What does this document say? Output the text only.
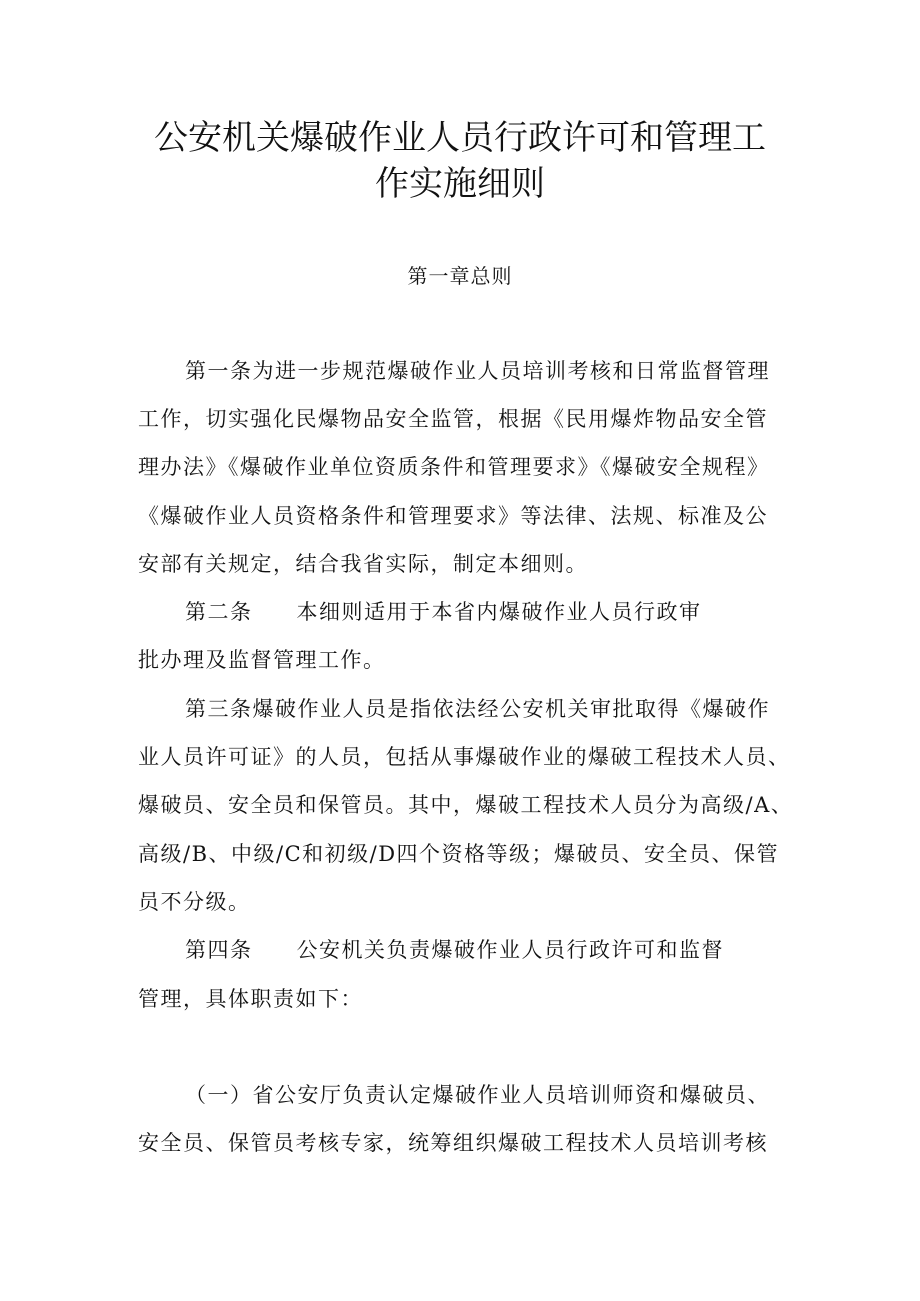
公安机关爆破作业人员行政许可和管理工
作实施细则
第一章总则
第一条为进一步规范爆破作业人员培训考核和日常监督管理
工作，切实强化民爆物品安全监管，根据《民用爆炸物品安全管
理办法》《爆破作业单位资质条件和管理要求》《爆破安全规程》
《爆破作业人员资格条件和管理要求》等法律、法规、标准及公
安部有关规定，结合我省实际，制定本细则。
第二条 本细则适用于本省内爆破作业人员行政审
批办理及监督管理工作。
第三条爆破作业人员是指依法经公安机关审批取得《爆破作
业人员许可证》的人员，包括从事爆破作业的爆破工程技术人员、
爆破员、安全员和保管员。其中，爆破工程技术人员分为高级/A、
高级/B、中级/C和初级/D四个资格等级；爆破员、安全员、保管
员不分级。
第四条 公安机关负责爆破作业人员行政许可和监督
管理，具体职责如下：
（一）省公安厅负责认定爆破作业人员培训师资和爆破员、
安全员、保管员考核专家，统筹组织爆破工程技术人员培训考核
